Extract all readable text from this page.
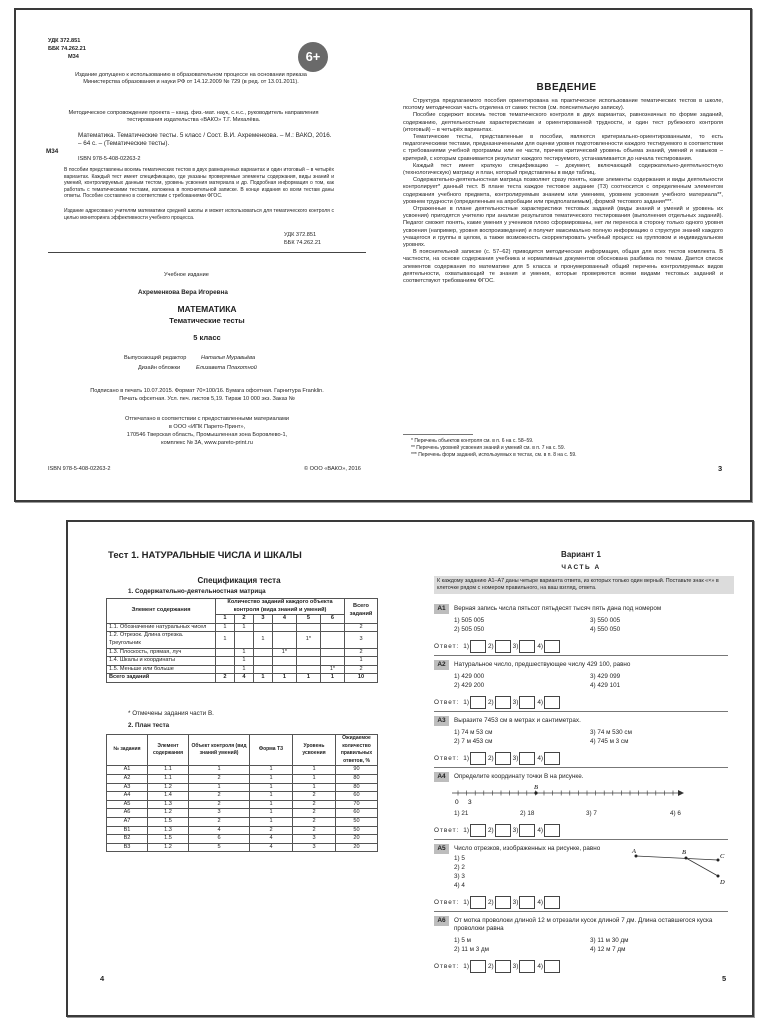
УДК 372.851
ББК 74.262.21
М34	6+
Издание допущено к использованию в образовательном процессе на основании приказа Министерства образования и науки РФ от 14.12.2009 № 729 (в ред. от 13.01.2011).
Методическое сопровождение проекта – канд. физ.-мат. наук, с.н.с., руководитель направления тестирования издательства «ВАКО» Т.Г. Михалёва.
М34
Математика. Тематические тесты. 5 класс / Сост. В.И. Ахременкова. – М.: ВАКО, 2016. – 64 с. – (Тематические тесты).
ISBN 978-5-408-02263-2
В пособии представлены восемь тематических тестов в двух равноценных вариантах и один итоговый – в четырёх вариантах. Каждый тест имеет спецификацию, где указаны проверяемые элементы содержания, виды знаний и умений, контролируемых данным тестом, уровень усвоения материала и др. Подробная информация о том, как работать с тематическими тестами, изложена в пояснительной записке. В конце издания ко всем тестам даны ответы. Пособие составлено в соответствии с требованиями ФГОС.
Издание адресовано учителям математики средней школы и может использоваться для тематического контроля с целью мониторинга эффективности учебного процесса.
УДК 372.851
ББК 74.262.21
Учебное издание
Ахременкова Вера Игоревна
МАТЕМАТИКА
Тематические тесты
5 класс
Выпускающий редактор	Наталья Муравьёва
Дизайн обложки	Елизавета Плахотной
Подписано в печать 10.07.2015. Формат 70×100/16. Бумага офсетная. Гарнитура Franklin.
Печать офсетная. Усл. печ. листов 5,19. Тираж 10 000 экз. Заказ №
Отпечатано в соответствии с предоставленными материалами
в ООО «ИПК Парето-Принт»,
170546 Тверская область, Промышленная зона Боровлево-1,
комплекс № 3А, www.pareto-print.ru
ISBN 978-5-408-02263-2	© ООО «ВАКО», 2016
ВВЕДЕНИЕ

Структура предлагаемого пособия ориентирована на практическое использование тематических тестов в школе, поэтому методическая часть отделена от самих тестов (см. пояснительную записку).

Пособие содержит восемь тестов тематического контроля в двух вариантах, равнозначных по форме заданий, содержанию, деятельностным характеристикам и ориентированной трудности, и один тест рубежного контроля (итоговый) – в четырёх вариантах.

Тематические тесты, представленные в пособии, являются критериально-ориентированными, то есть педагогическими тестами, предназначенными для оценки уровня подготовленности каждого тестируемого в соответствии с требованиями учебной программы или ее части, причем критический уровень объема знаний, умений и навыков – критерий, с которым сравнивается результат каждого тестируемого, устанавливается до начала тестирования.

Каждый тест имеет краткую спецификацию – документ, включающий содержательно-деятельностную (технологическую) матрицу и план, который представлены в виде таблиц.

Содержательно-деятельностная матрица позволяет сразу понять, какие элементы содержания и виды деятельности контролирует* данный тест. В плане теста каждое тестовое задание (ТЗ) соотносится с определенным элементом содержания учебного предмета, контролируемым знанием или умением, уровнем усвоения учебного материала**, уровнем трудности (определенным на апробации или предполагаемым), формой тестового задания***.

Отраженные в плане деятельностные характеристики тестовых заданий (виды знаний и умений и уровень их усвоения) пригодятся учителю при анализе результатов тематического тестирования (выполнения отдельных заданий). Педагог сможет понять, какие умения у учеников плохо сформированы, нет ли переноса в сторону только одного уровня усвоения (например, уровня воспроизведения) и получит максимально полную информацию о структуре знаний каждого учащегося и группы в целом, а также возможность скорректировать учебный процесс на групповом и индивидуальном уровнях.

В пояснительной записке (с. 57–62) приводится методическая информация, общая для всех тестов комплекта. В частности, на основе содержания учебника и нормативных документов обоснована разбивка по темам. Дается список элементов содержания по математике для 5 класса и пронумерованный общий перечень контролируемых видов деятельности, охватывающий те знания и умения, которые проверяются всеми видами тестовых заданий и соответствуют требованиям ФГОС.

* Перечень объектов контроля см. в п. 6 на с. 58–59.
** Перечень уровней усвоения знаний и умений см. в п. 7 на с. 59.
*** Перечень форм заданий, используемых в тестах, см. в п. 8 на с. 59.
3
Тест 1. НАТУРАЛЬНЫЕ ЧИСЛА И ШКАЛЫ
Спецификация теста
1. Содержательно-деятельностная матрица
Элемент содержания	Количество заданий каждого объекта контроля (вида знаний и умений)						Всего заданий
	1	2	3	4	5	6	
1.1. Обозначение натуральных чисел	1	1					2
1.2. Отрезок. Длина отрезка. Треугольник	1		1		1*		3
1.3. Плоскость, прямая, луч		1		1*			2
1.4. Шкалы и координаты		1					1
1.5. Меньше или больше		1				1*	2
Всего заданий	2	4	1	1	1	1	10
* Отмечены задания части В.
2. План теста
№ задания	Элемент содержания	Объект контроля (вид знаний умений)	Форма ТЗ	Уровень усвоения	Ожидаемое количество правильных ответов, %
А1	1.1	1	1	1	90
А2	1.1	2	1	1	80
А3	1.2	1	1	1	80
А4	1.4	2	1	2	60
А5	1.3	2	1	2	70
А6	1.2	3	1	2	60
А7	1.5	2	1	2	50
В1	1.3	4	2	2	50
В2	1.5	6	4	3	20
В3	1.2	5	4	3	20
4
Вариант 1
ЧАСТЬ А
К каждому заданию А1–А7 даны четыре варианта ответа, из которых только один верный. Поставьте знак «×» в клеточке рядом с номером правильного, на ваш взгляд, ответа.
А1	Верная запись числа пятьсот пятьдесят тысяч пять дана под номером
1) 505 005	3) 550 005
2) 505 050	4) 550 050
Ответ: 1)	2)	3)	4)
А2	Натуральное число, предшествующее числу 429 100, равно
1) 429 000	3) 429 099
2) 429 200	4) 429 101
Ответ: 1)	2)	3)	4)
А3	Выразите 7453 см в метрах и сантиметрах.
1) 74 м 53 см	3) 74 м 530 см
2) 7 м 453 см	4) 745 м 3 см
Ответ: 1)	2)	3)	4)
А4	Определите координату точки В на рисунке.
B
0 3
1) 21	2) 18	3) 7	4) 6
Ответ: 1)	2)	3)	4)
А5	Число отрезков, изображенных на рисунке, равно
1) 5
2) 2
3) 3
4) 4
A	B
C
D
Ответ: 1)	2)	3)	4)
А6	От мотка проволоки длиной 12 м отрезали кусок длиной 7 дм. Длина оставшегося куска проволоки равна
1) 5 м	3) 11 м 30 дм
2) 11 м 3 дм	4) 12 м 7 дм
Ответ: 1)	2)	3)	4)
5
